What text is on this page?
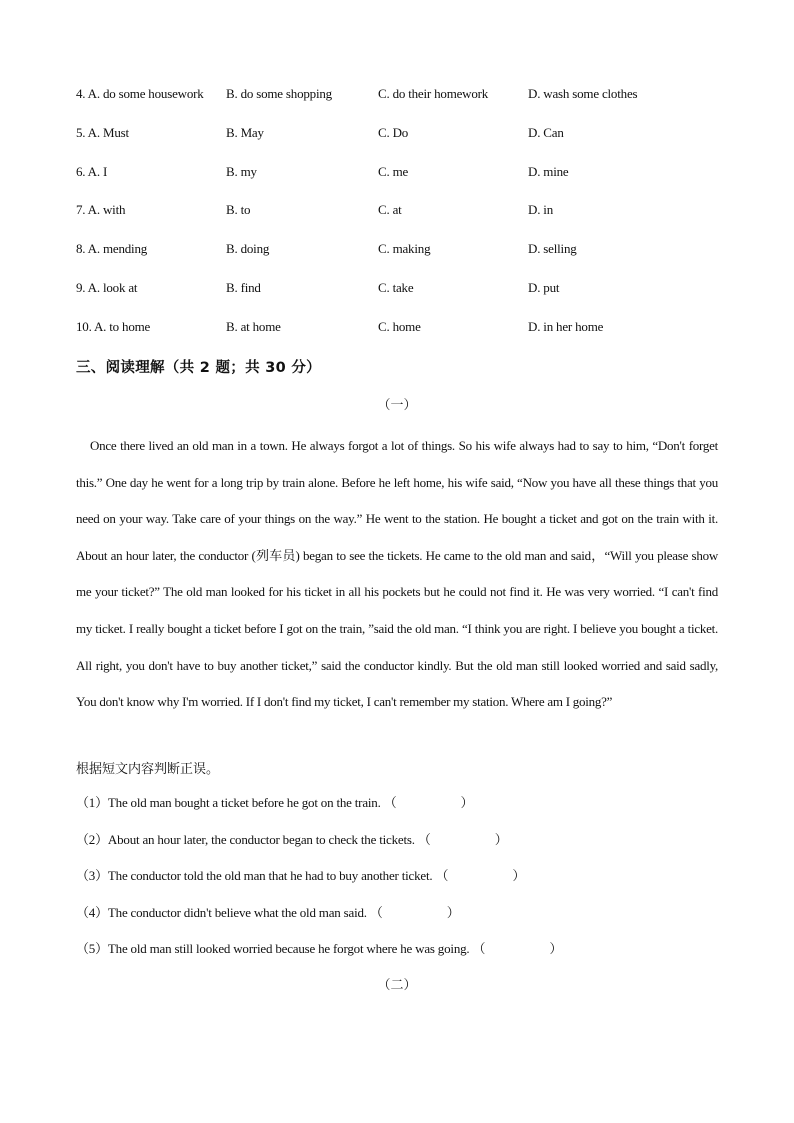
4. A. do some housework B. do some shopping	C. do their homework	D. wash some clothes
5. A. Must	B. May	C. Do	D. Can
6. A. I	B. my	C. me	D. mine
7. A. with	B. to	C. at	D. in
8. A. mending	B. doing	C. making	D. selling
9. A. look at	B. find	C. take	D. put
10. A. to home	B. at home	C. home	D. in her home
三、阅读理解（共 2 题；共 30 分）
（一）

Once there lived an old man in a town. He always forgot a lot of things. So his wife always had to say to him, “Don't forget this.” One day he went for a long trip by train alone. Before he left home, his wife said, “Now you have all these things that you need on your way. Take care of your things on the way.” He went to the station. He bought a ticket and got on the train with it. About an hour later, the conductor (列车员) began to see the tickets. He came to the old man and said，“Will you please show me your ticket?” The old man looked for his ticket in all his pockets but he could not find it. He was very worried. “I can't find my ticket. I really bought a ticket before I got on the train, ”said the old man. “I think you are right. I believe you bought a ticket. All right, you don't have to buy another ticket,” said the conductor kindly. But the old man still looked worried and said sadly, You don't know why I'm worried. If I don't find my ticket, I can't remember my station. Where am I going?”

根据短文内容判断正误。
（1）The old man bought a ticket before he got on the train. （　　　　　）
（2）About an hour later, the conductor began to check the tickets. （　　　　　）
（3）The conductor told the old man that he had to buy another ticket. （　　　　　）
（4）The conductor didn't believe what the old man said. （　　　　　）
（5）The old man still looked worried because he forgot where he was going. （　　　　　）
（二）
